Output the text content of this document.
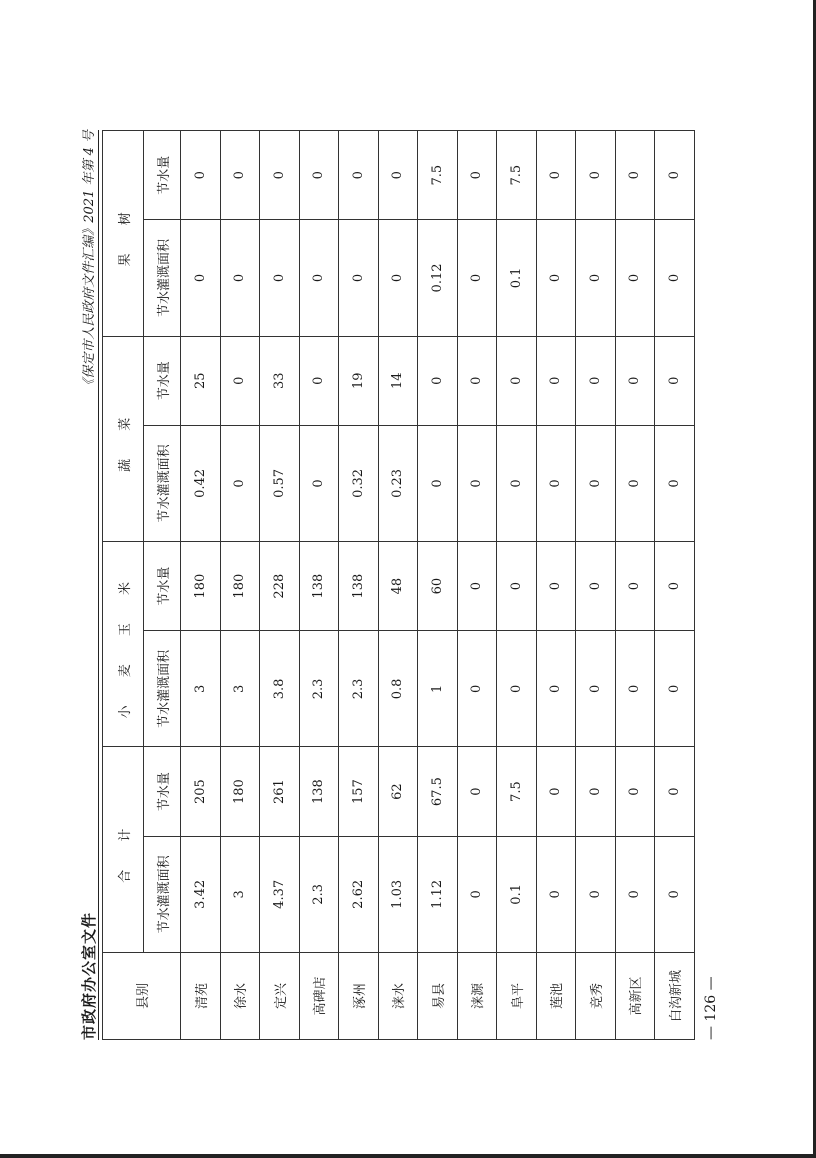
市政府办公室文件
《保定市人民政府文件汇编》2021 年第 4 号
县别	合 计		小 麦 玉 米		蔬 菜		果 树	
	节水灌溉面积	节水量	节水灌溉面积	节水量	节水灌溉面积	节水量	节水灌溉面积	节水量
清苑	3.42	205	3	180	0.42	25	0	0
徐水	3	180	3	180	0	0	0	0
定兴	4.37	261	3.8	228	0.57	33	0	0
高碑店	2.3	138	2.3	138	0	0	0	0
涿州	2.62	157	2.3	138	0.32	19	0	0
涞水	1.03	62	0.8	48	0.23	14	0	0
易县	1.12	67.5	1	60	0	0	0.12	7.5
涞源	0	0	0	0	0	0	0	0
阜平	0.1	7.5	0	0	0	0	0.1	7.5
莲池	0	0	0	0	0	0	0	0
竞秀	0	0	0	0	0	0	0	0
高新区	0	0	0	0	0	0	0	0
白沟新城	0	0	0	0	0	0	0	0
— 126 —
